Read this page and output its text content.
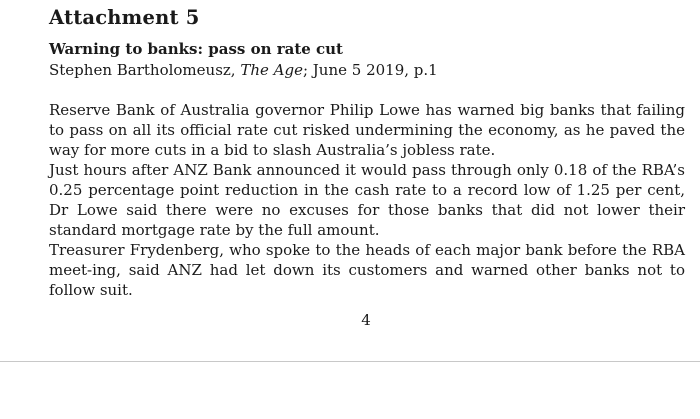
Attachment 5
Warning to banks: pass on rate cut
Stephen Bartholomeusz, The Age; June 5 2019, p.1

Reserve Bank of Australia governor Philip Lowe has warned big banks that failing to pass on all its official rate cut risked undermining the economy, as he paved the way for more cuts in a bid to slash Australia’s jobless rate.

Just hours after ANZ Bank announced it would pass through only 0.18 of the RBA’s 0.25 percentage point reduction in the cash rate to a record low of 1.25 per cent, Dr Lowe said there were no excuses for those banks that did not lower their standard mortgage rate by the full amount.

Treasurer Frydenberg, who spoke to the heads of each major bank before the RBA meet-ing, said ANZ had let down its customers and warned other banks not to follow suit.

4
